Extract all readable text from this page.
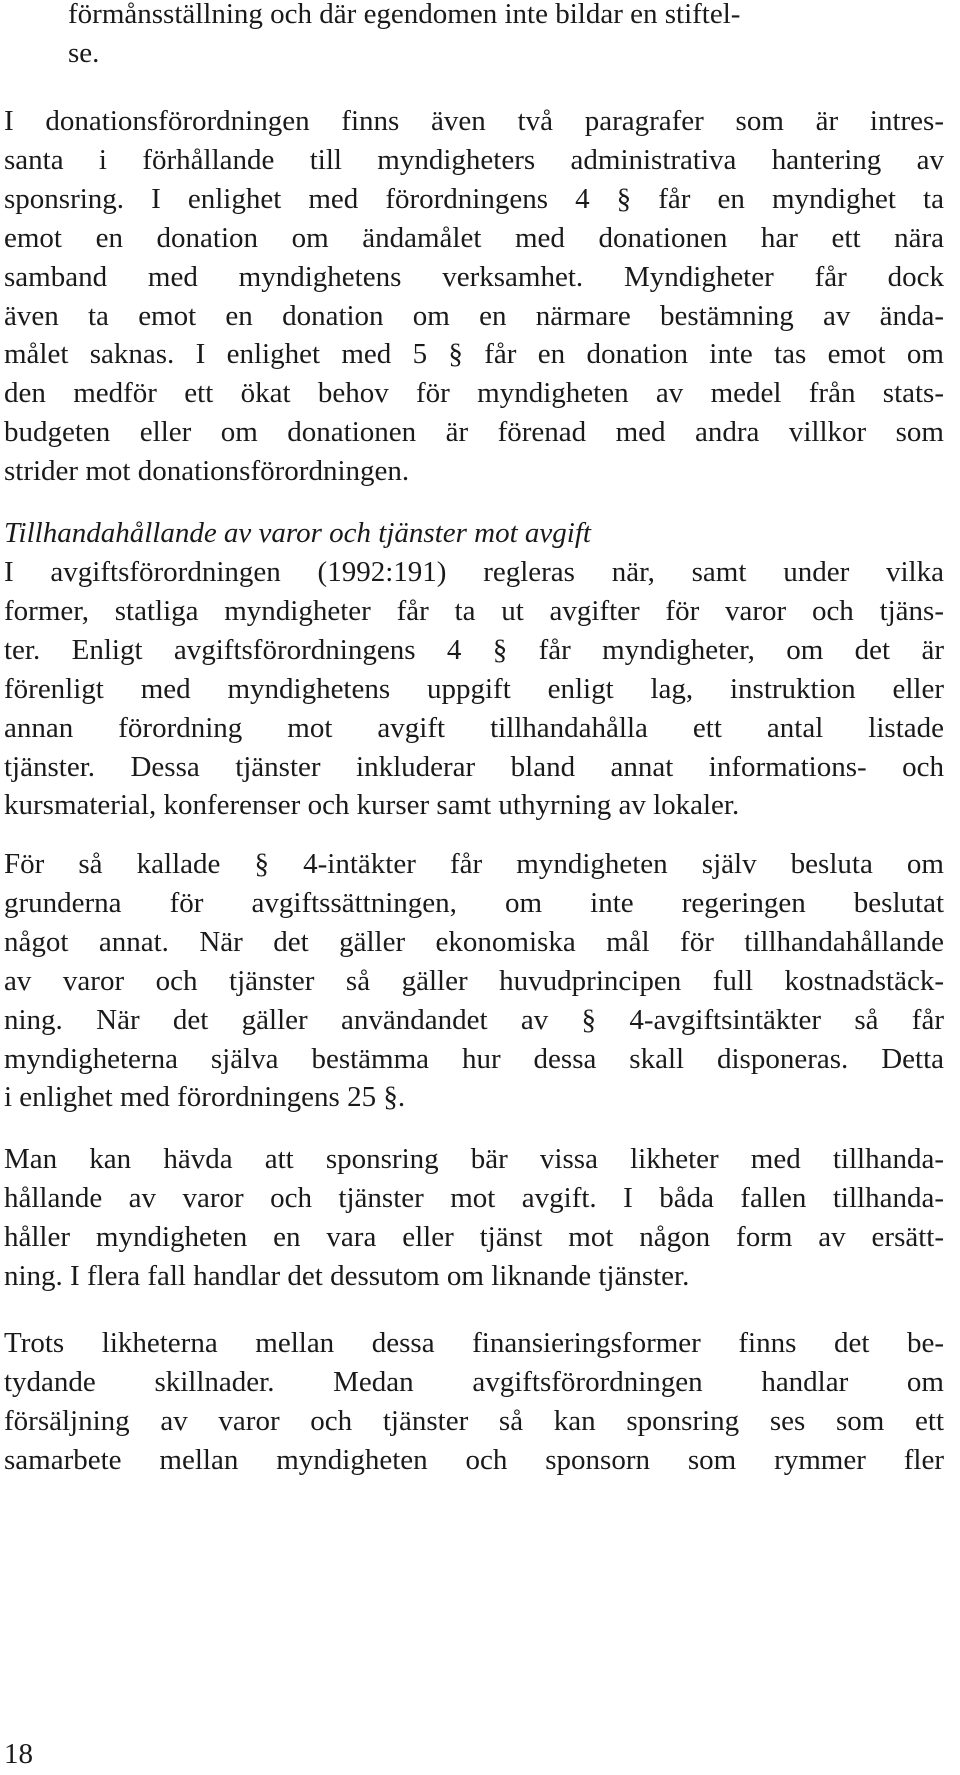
förmånsställning och där egendomen inte bildar en stiftel-
se.
I donationsförordningen finns även två paragrafer som är intres-
santa i förhållande till myndigheters administrativa hantering av
sponsring. I enlighet med förordningens 4 § får en myndighet ta
emot en donation om ändamålet med donationen har ett nära
samband med myndighetens verksamhet. Myndigheter får dock
även ta emot en donation om en närmare bestämning av ända-
målet saknas. I enlighet med 5 § får en donation inte tas emot om
den medför ett ökat behov för myndigheten av medel från stats-
budgeten eller om donationen är förenad med andra villkor som
strider mot donationsförordningen.
Tillhandahållande av varor och tjänster mot avgift
I avgiftsförordningen (1992:191) regleras när, samt under vilka
former, statliga myndigheter får ta ut avgifter för varor och tjäns-
ter. Enligt avgiftsförordningens 4 § får myndigheter, om det är
förenligt med myndighetens uppgift enligt lag, instruktion eller
annan förordning mot avgift tillhandahålla ett antal listade
tjänster. Dessa tjänster inkluderar bland annat informations- och
kursmaterial, konferenser och kurser samt uthyrning av lokaler.
För så kallade § 4-intäkter får myndigheten själv besluta om
grunderna för avgiftssättningen, om inte regeringen beslutat
något annat. När det gäller ekonomiska mål för tillhandahållande
av varor och tjänster så gäller huvudprincipen full kostnadstäck-
ning. När det gäller användandet av § 4-avgiftsintäkter så får
myndigheterna själva bestämma hur dessa skall disponeras. Detta
i enlighet med förordningens 25 §.
Man kan hävda att sponsring bär vissa likheter med tillhanda-
hållande av varor och tjänster mot avgift. I båda fallen tillhanda-
håller myndigheten en vara eller tjänst mot någon form av ersätt-
ning. I flera fall handlar det dessutom om liknande tjänster.
Trots likheterna mellan dessa finansieringsformer finns det be-
tydande skillnader. Medan avgiftsförordningen handlar om
försäljning av varor och tjänster så kan sponsring ses som ett
samarbete mellan myndigheten och sponsorn som rymmer fler
18
